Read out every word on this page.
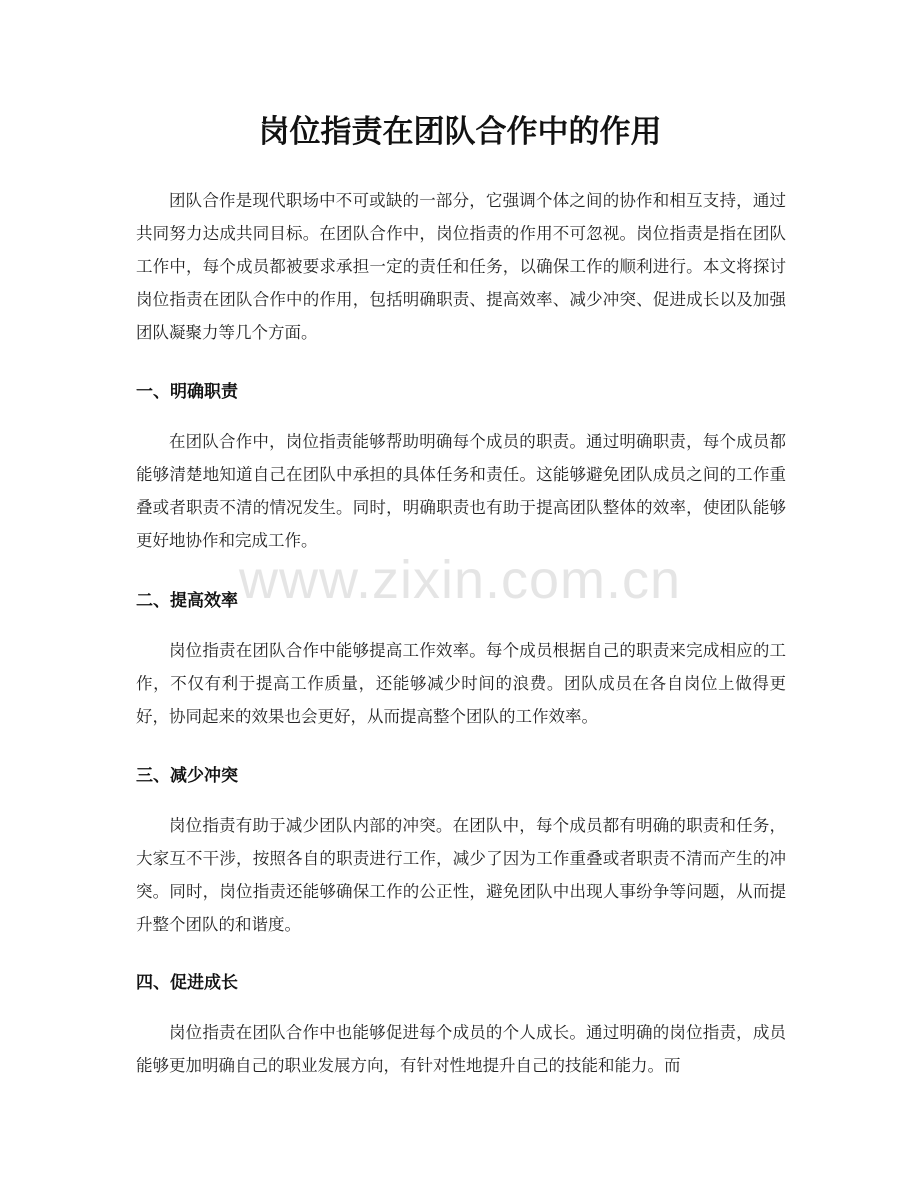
岗位指责在团队合作中的作用

团队合作是现代职场中不可或缺的一部分，它强调个体之间的协作和相互支持，通过共同努力达成共同目标。在团队合作中，岗位指责的作用不可忽视。岗位指责是指在团队工作中，每个成员都被要求承担一定的责任和任务，以确保工作的顺利进行。本文将探讨岗位指责在团队合作中的作用，包括明确职责、提高效率、减少冲突、促进成长以及加强团队凝聚力等几个方面。

一、明确职责

在团队合作中，岗位指责能够帮助明确每个成员的职责。通过明确职责，每个成员都能够清楚地知道自己在团队中承担的具体任务和责任。这能够避免团队成员之间的工作重叠或者职责不清的情况发生。同时，明确职责也有助于提高团队整体的效率，使团队能够更好地协作和完成工作。

二、提高效率

岗位指责在团队合作中能够提高工作效率。每个成员根据自己的职责来完成相应的工作，不仅有利于提高工作质量，还能够减少时间的浪费。团队成员在各自岗位上做得更好，协同起来的效果也会更好，从而提高整个团队的工作效率。

三、减少冲突

岗位指责有助于减少团队内部的冲突。在团队中，每个成员都有明确的职责和任务，大家互不干涉，按照各自的职责进行工作，减少了因为工作重叠或者职责不清而产生的冲突。同时，岗位指责还能够确保工作的公正性，避免团队中出现人事纷争等问题，从而提升整个团队的和谐度。

四、促进成长

岗位指责在团队合作中也能够促进每个成员的个人成长。通过明确的岗位指责，成员能够更加明确自己的职业发展方向，有针对性地提升自己的技能和能力。而

www.zixin.com.cn
